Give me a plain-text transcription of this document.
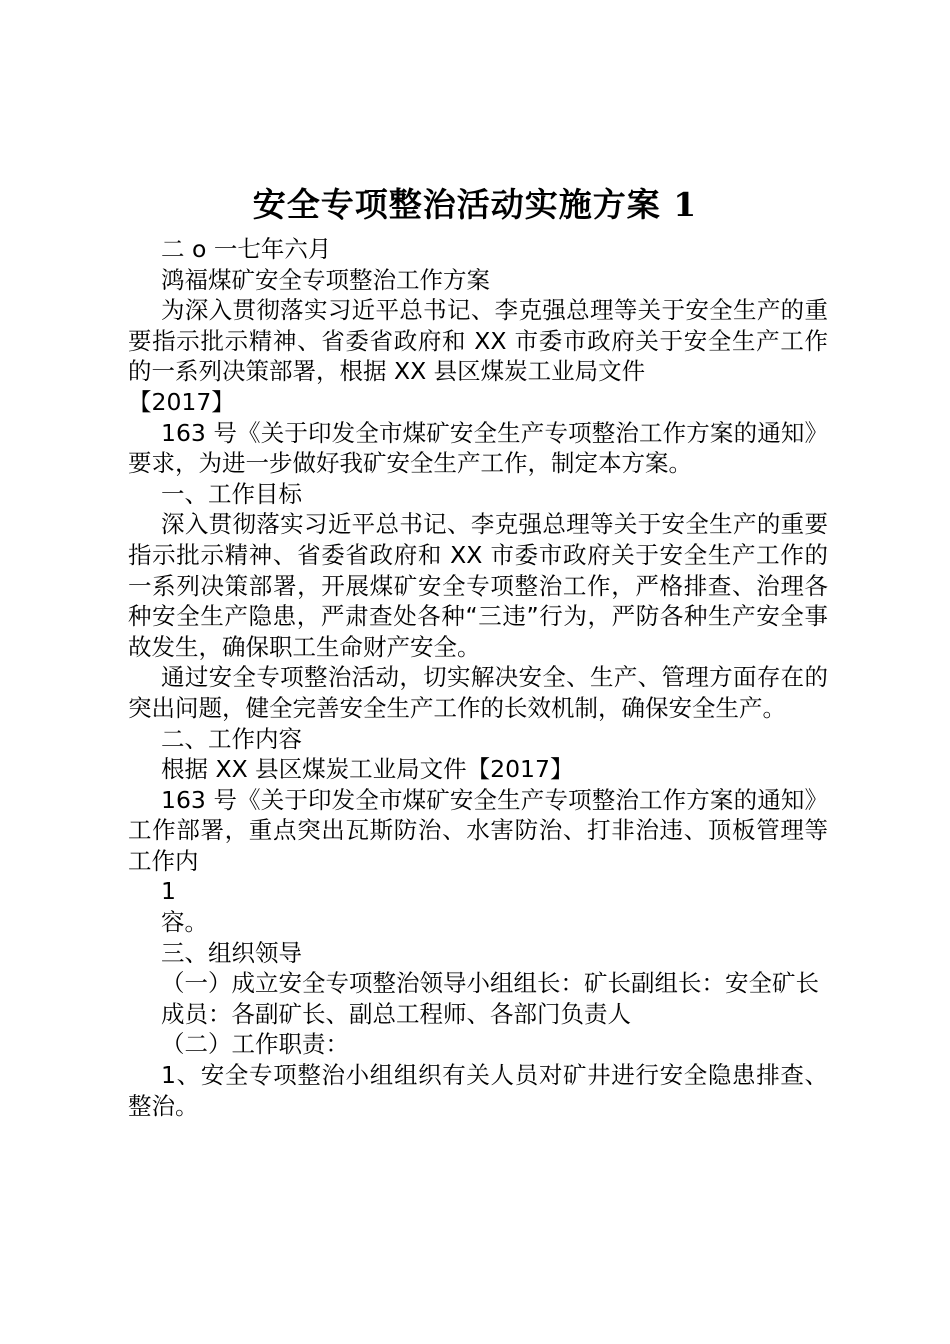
安全专项整治活动实施方案 1

二 o 一七年六月

鸿福煤矿安全专项整治工作方案

为深入贯彻落实习近平总书记、李克强总理等关于安全生产的重要指示批示精神、省委省政府和 XX 市委市政府关于安全生产工作的一系列决策部署，根据 XX 县区煤炭工业局文件

【2017】

163 号《关于印发全市煤矿安全生产专项整治工作方案的通知》要求，为进一步做好我矿安全生产工作，制定本方案。

一、工作目标

深入贯彻落实习近平总书记、李克强总理等关于安全生产的重要指示批示精神、省委省政府和 XX 市委市政府关于安全生产工作的一系列决策部署，开展煤矿安全专项整治工作，严格排查、治理各种安全生产隐患，严肃查处各种“三违”行为，严防各种生产安全事故发生，确保职工生命财产安全。

通过安全专项整治活动，切实解决安全、生产、管理方面存在的突出问题，健全完善安全生产工作的长效机制，确保安全生产。

二、工作内容

根据 XX 县区煤炭工业局文件【2017】

163 号《关于印发全市煤矿安全生产专项整治工作方案的通知》工作部署，重点突出瓦斯防治、水害防治、打非治违、顶板管理等工作内

1

容。

三、组织领导

（一）成立安全专项整治领导小组组长：矿长副组长：安全矿长

成员：各副矿长、副总工程师、各部门负责人

（二）工作职责：

1、安全专项整治小组组织有关人员对矿井进行安全隐患排查、整治。
